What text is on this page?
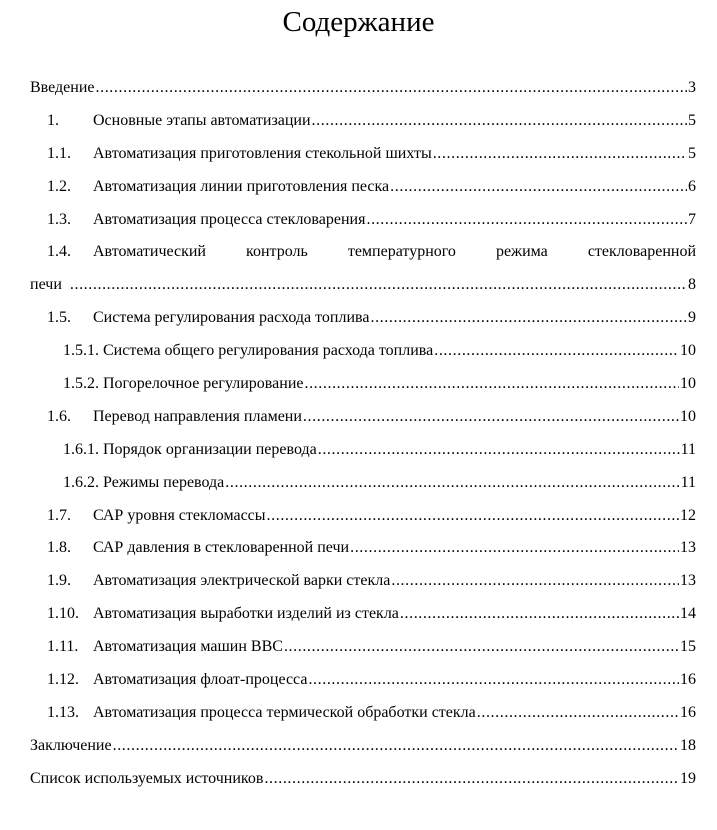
Содержание
Введение .....	3
1.	Основные этапы автоматизации .....	5
1.1.	Автоматизация приготовления стекольной шихты .....	5
1.2.	Автоматизация линии приготовления песка .....	6
1.3.	Автоматизация процесса стекловарения .....	7
1.4.	Автоматический контроль температурного режима стекловаренной
печи .....	8
1.5.	Система регулирования расхода топлива .....	9
1.5.1. Система общего регулирования расхода топлива .....	10
1.5.2. Погорелочное регулирование .....	10
1.6.	Перевод направления пламени .....	10
1.6.1. Порядок организации перевода .....	11
1.6.2. Режимы перевода .....	11
1.7.	САР уровня стекломассы .....	12
1.8.	САР давления в стекловаренной печи .....	13
1.9.	Автоматизация электрической варки стекла .....	13
1.10. Автоматизация выработки изделий из стекла .....	14
1.11. Автоматизация машин ВВС .....	15
1.12. Автоматизация флоат-процесса .....	16
1.13. Автоматизация процесса термической обработки стекла .....	16
Заключение .....	18
Список используемых источников .....	19
